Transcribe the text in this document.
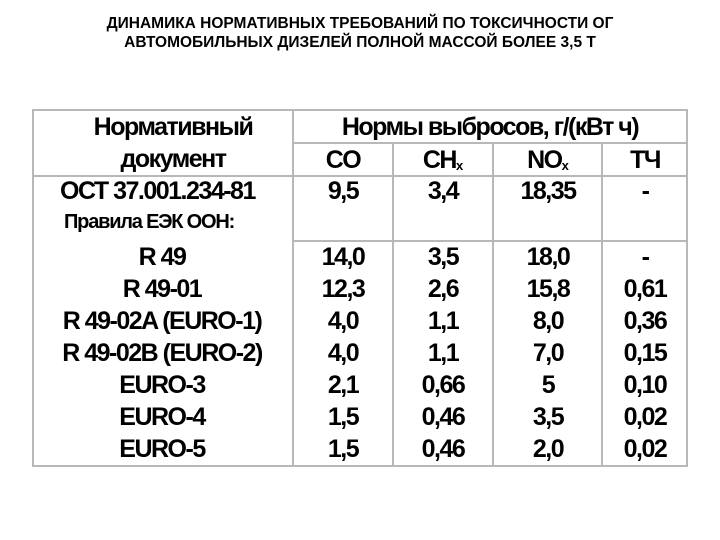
ДИНАМИКА НОРМАТИВНЫХ ТРЕБОВАНИЙ ПО ТОКСИЧНОСТИ ОГ
АВТОМОБИЛЬНЫХ ДИЗЕЛЕЙ ПОЛНОЙ МАССОЙ БОЛЕЕ 3,5 Т
Нормативный
документ
Нормы выбросов, г/(кВт ч)
CO	$CH_x$	$NO_x$	ТЧ
ОСТ 37.001.234-81	9,5	3,4	18,35	-
Правила ЕЭК ООН:
R 49	14,0	3,5	18,0	-
R 49-01	12,3	2,6	15,8	0,61
R 49-02A (EURO-1)	4,0	1,1	8,0	0,36
R 49-02B (EURO-2)	4,0	1,1	7,0	0,15
EURO-3	2,1	0,66	5	0,10
EURO-4	1,5	0,46	3,5	0,02
EURO-5	1,5	0,46	2,0	0,02
